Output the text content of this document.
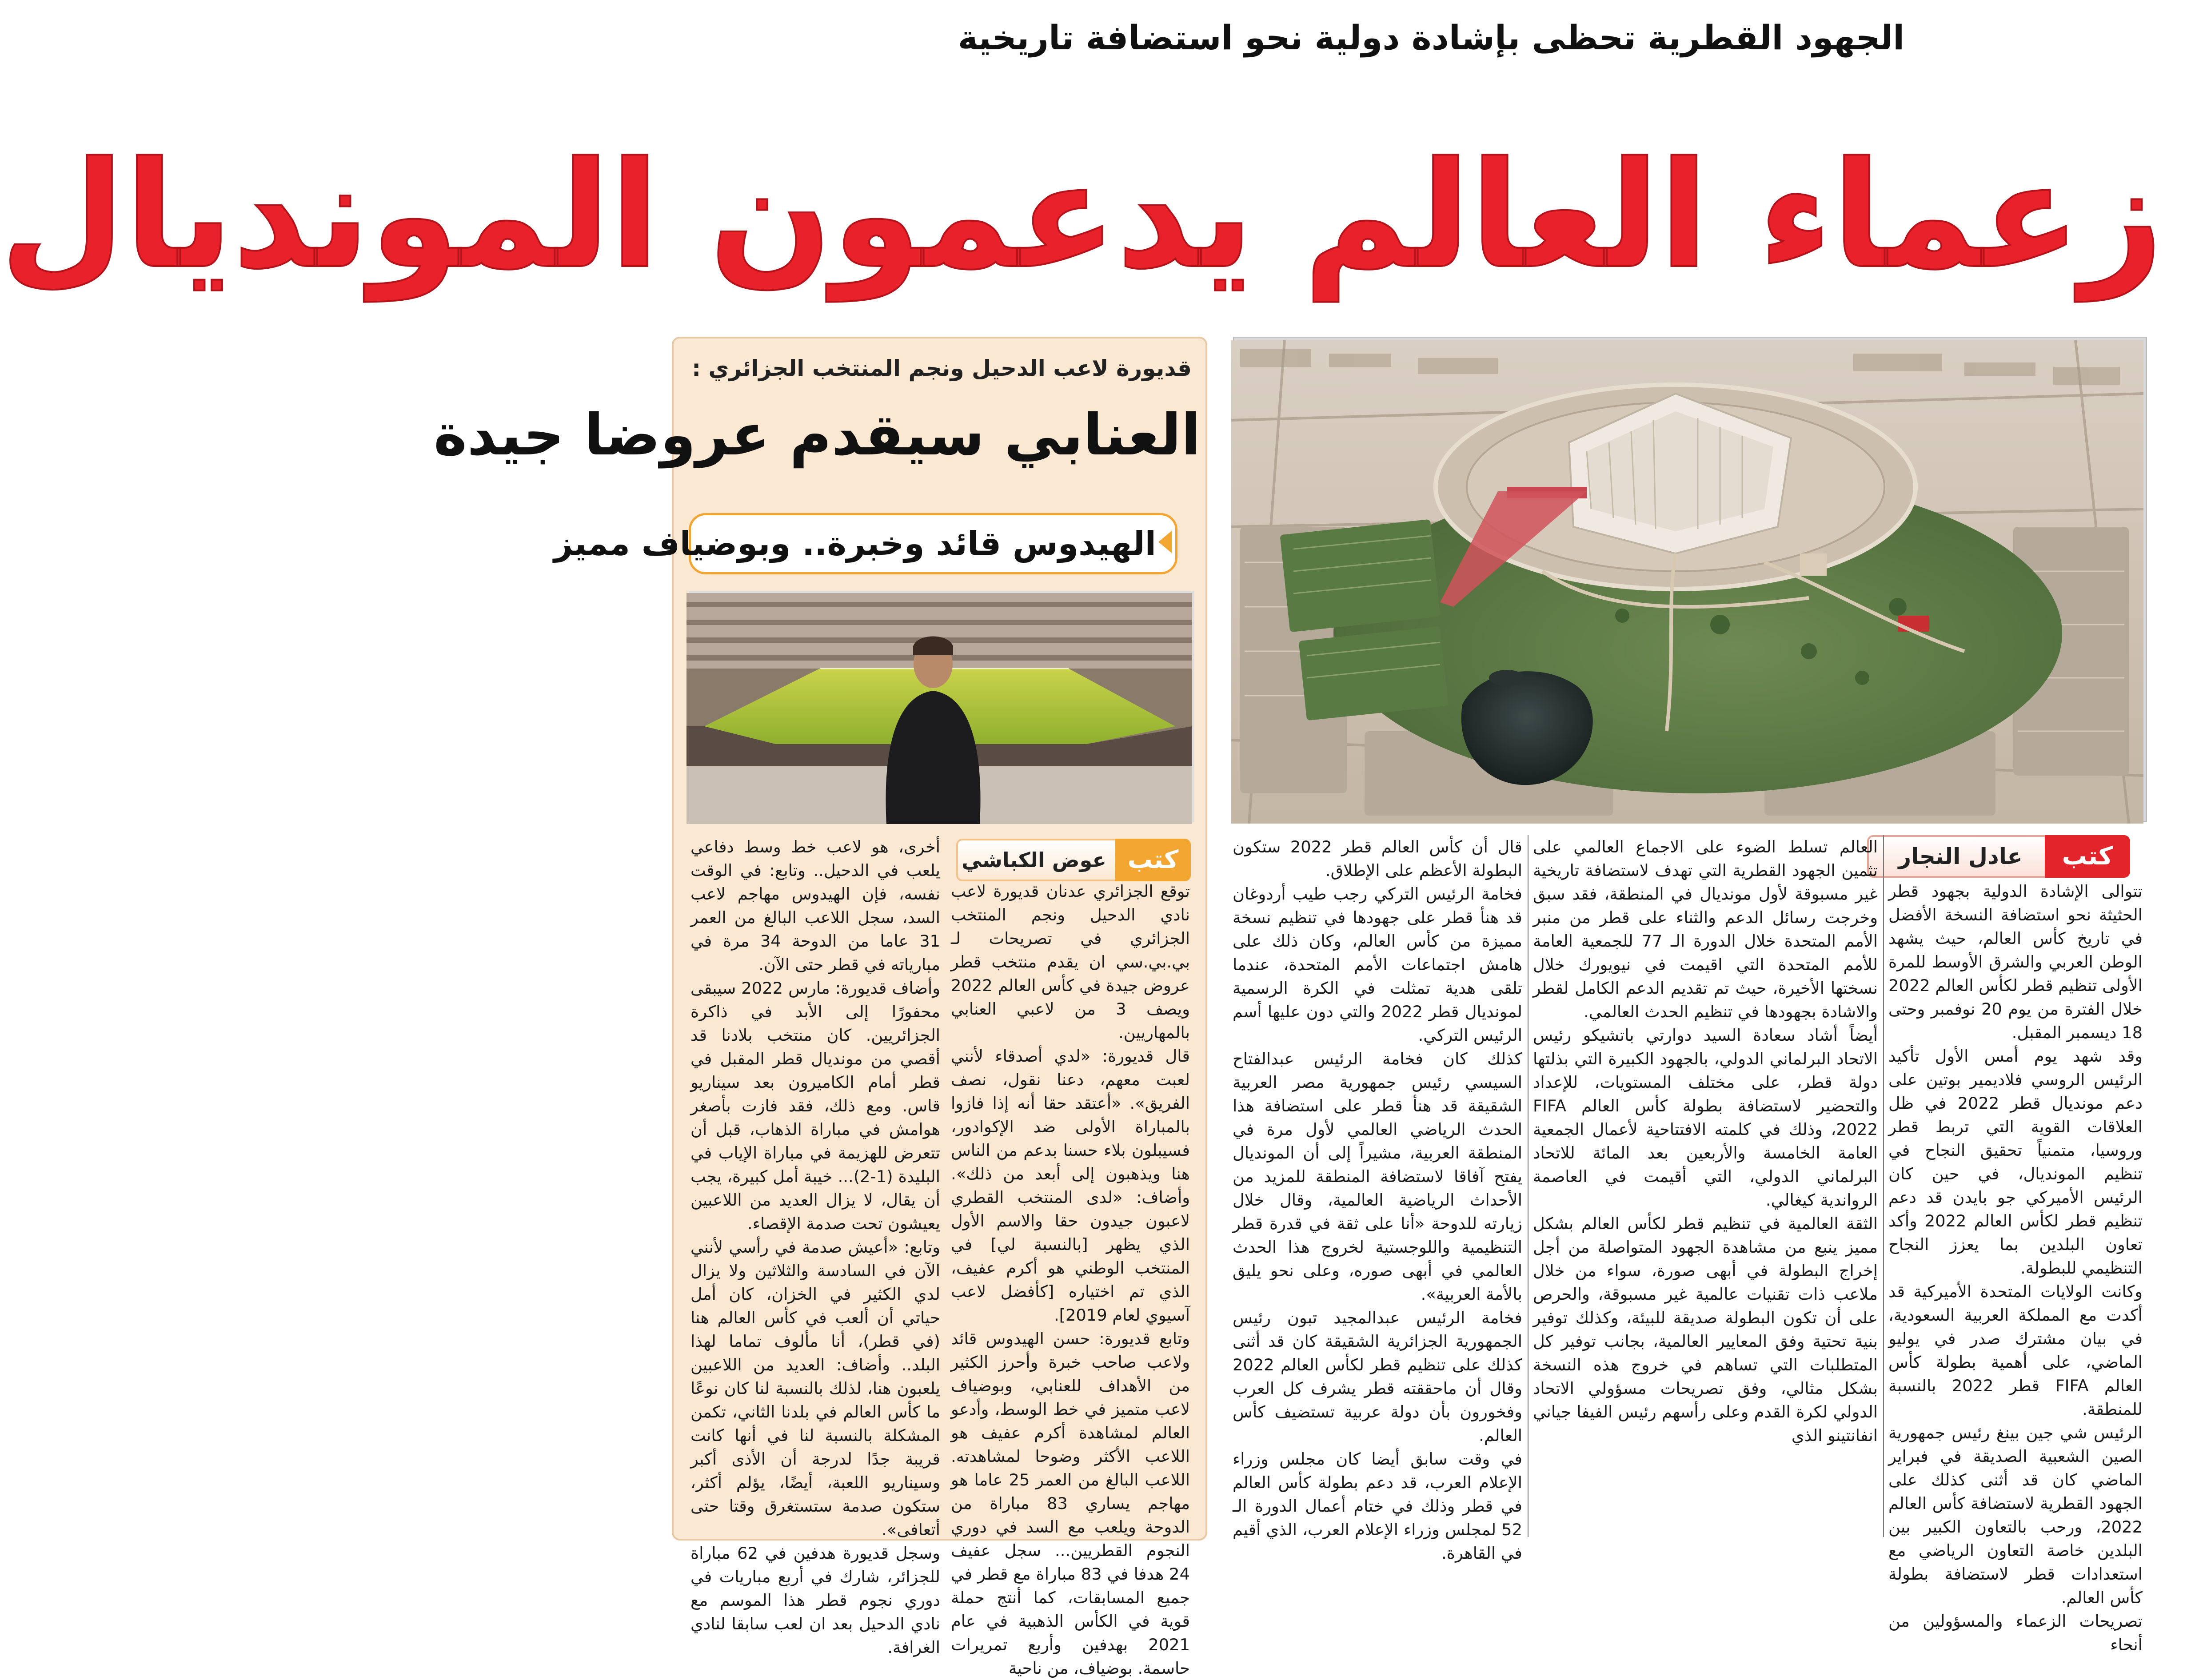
الجهود القطرية تحظى بإشادة دولية نحو استضافة تاريخية
زعماء العالم يدعمون المونديال
قديورة لاعب الدحيل ونجم المنتخب الجزائري :
العنابي سيقدم عروضا جيدة
الهيدوس قائد وخبرة.. وبوضياف مميز
كتب
عادل النجار
كتب
عوض الكباشي

تتوالى الإشادة الدولية بجهود قطر الحثيثة نحو استضافة النسخة الأفضل في تاريخ كأس العالم، حيث يشهد الوطن العربي والشرق الأوسط للمرة الأولى تنظيم قطر لكأس العالم 2022 خلال الفترة من يوم 20 نوفمبر وحتى 18 ديسمبر المقبل.

وقد شهد يوم أمس الأول تأكيد الرئيس الروسي فلاديمير بوتين على دعم مونديال قطر 2022 في ظل العلاقات القوية التي تربط قطر وروسيا، متمنياً تحقيق النجاح في تنظيم المونديال، في حين كان الرئيس الأميركي جو بايدن قد دعم تنظيم قطر لكأس العالم 2022 وأكد تعاون البلدين بما يعزز النجاح التنظيمي للبطولة.

وكانت الولايات المتحدة الأميركية قد أكدت مع المملكة العربية السعودية، في بيان مشترك صدر في يوليو الماضي، على أهمية بطولة كأس العالم FIFA قطر 2022 بالنسبة للمنطقة.

الرئيس شي جين بينغ رئيس جمهورية الصين الشعبية الصديقة في فبراير الماضي كان قد أثنى كذلك على الجهود القطرية لاستضافة كأس العالم 2022، ورحب بالتعاون الكبير بين البلدين خاصة التعاون الرياضي مع استعدادات قطر لاستضافة بطولة كأس العالم.

تصريحات الزعماء والمسؤولين من أنحاء

العالم تسلط الضوء على الاجماع العالمي على تثمين الجهود القطرية التي تهدف لاستضافة تاريخية غير مسبوقة لأول مونديال في المنطقة، فقد سبق وخرجت رسائل الدعم والثناء على قطر من منبر الأمم المتحدة خلال الدورة الـ 77 للجمعية العامة للأمم المتحدة التي اقيمت في نيويورك خلال نسختها الأخيرة، حيث تم تقديم الدعم الكامل لقطر والاشادة بجهودها في تنظيم الحدث العالمي.

أيضاً أشاد سعادة السيد دوارتي باتشيكو رئيس الاتحاد البرلماني الدولي، بالجهود الكبيرة التي بذلتها دولة قطر، على مختلف المستويات، للإعداد والتحضير لاستضافة بطولة كأس العالم FIFA 2022، وذلك في كلمته الافتتاحية لأعمال الجمعية العامة الخامسة والأربعين بعد المائة للاتحاد البرلماني الدولي، التي أقيمت في العاصمة الرواندية كيغالي.

الثقة العالمية في تنظيم قطر لكأس العالم بشكل مميز ينبع من مشاهدة الجهود المتواصلة من أجل إخراج البطولة في أبهى صورة، سواء من خلال ملاعب ذات تقنيات عالمية غير مسبوقة، والحرص على أن تكون البطولة صديقة للبيئة، وكذلك توفير بنية تحتية وفق المعايير العالمية، بجانب توفير كل المتطلبات التي تساهم في خروج هذه النسخة بشكل مثالي، وفق تصريحات مسؤولي الاتحاد الدولي لكرة القدم وعلى رأسهم رئيس الفيفا جياني انفانتينو الذي

قال أن كأس العالم قطر 2022 ستكون البطولة الأعظم على الإطلاق.

فخامة الرئيس التركي رجب طيب أردوغان قد هنأ قطر على جهودها في تنظيم نسخة مميزة من كأس العالم، وكان ذلك على هامش اجتماعات الأمم المتحدة، عندما تلقى هدية تمثلت في الكرة الرسمية لمونديال قطر 2022 والتي دون عليها أسم الرئيس التركي.

كذلك كان فخامة الرئيس عبدالفتاح السيسي رئيس جمهورية مصر العربية الشقيقة قد هنأ قطر على استضافة هذا الحدث الرياضي العالمي لأول مرة في المنطقة العربية، مشيراً إلى أن المونديال يفتح آفاقا لاستضافة المنطقة للمزيد من الأحداث الرياضية العالمية، وقال خلال زيارته للدوحة «أنا على ثقة في قدرة قطر التنظيمية واللوجستية لخروج هذا الحدث العالمي في أبهى صوره، وعلى نحو يليق بالأمة العربية».

فخامة الرئيس عبدالمجيد تبون رئيس الجمهورية الجزائرية الشقيقة كان قد أثنى كذلك على تنظيم قطر لكأس العالم 2022 وقال أن ماحققته قطر يشرف كل العرب وفخورون بأن دولة عربية تستضيف كأس العالم.

في وقت سابق أيضا كان مجلس وزراء الإعلام العرب، قد دعم بطولة كأس العالم في قطر وذلك في ختام أعمال الدورة الـ 52 لمجلس وزراء الإعلام العرب، الذي أقيم في القاهرة.

توقع الجزائري عدنان قديورة لاعب نادي الدحيل ونجم المنتخب الجزائري في تصريحات لـ بي.بي.سي ان يقدم منتخب قطر عروض جيدة في كأس العالم 2022 ويصف 3 من لاعبي العنابي بالمهاريين.

قال قديورة: «لدي أصدقاء لأنني لعبت معهم، دعنا نقول، نصف الفريق». «أعتقد حقا أنه إذا فازوا بالمباراة الأولى ضد الإكوادور، فسيبلون بلاء حسنا بدعم من الناس هنا ويذهبون إلى أبعد من ذلك». وأضاف: «لدى المنتخب القطري لاعبون جيدون حقا والاسم الأول الذي يظهر [بالنسبة لي] في المنتخب الوطني هو أكرم عفيف، الذي تم اختياره [كأفضل لاعب آسيوي لعام 2019].

وتابع قديورة: حسن الهيدوس قائد ولاعب صاحب خبرة وأحرز الكثير من الأهداف للعنابي، وبوضياف لاعب متميز في خط الوسط، وأدعو العالم لمشاهدة أكرم عفيف هو اللاعب الأكثر وضوحا لمشاهدته. اللاعب البالغ من العمر 25 عاما هو مهاجم يساري 83 مباراة من الدوحة ويلعب مع السد في دوري النجوم القطريين... سجل عفيف 24 هدفا في 83 مباراة مع قطر في جميع المسابقات، كما أنتج حملة قوية في الكأس الذهبية في عام 2021 بهدفين وأربع تمريرات حاسمة. بوضياف، من ناحية

أخرى، هو لاعب خط وسط دفاعي يلعب في الدحيل.. وتابع: في الوقت نفسه، فإن الهيدوس مهاجم لاعب السد، سجل اللاعب البالغ من العمر 31 عاما من الدوحة 34 مرة في مبارياته في قطر حتى الآن.

وأضاف قديورة: مارس 2022 سيبقى محفورًا إلى الأبد في ذاكرة الجزائريين. كان منتخب بلادنا قد أقصي من مونديال قطر المقبل في قطر أمام الكاميرون بعد سيناريو قاس. ومع ذلك، فقد فازت بأصغر هوامش في مباراة الذهاب، قبل أن تتعرض للهزيمة في مباراة الإياب في البليدة (1-2)... خيبة أمل كبيرة، يجب أن يقال، لا يزال العديد من اللاعبين يعيشون تحت صدمة الإقصاء.

وتابع: «أعيش صدمة في رأسي لأنني الآن في السادسة والثلاثين ولا يزال لدي الكثير في الخزان، كان أمل حياتي أن ألعب في كأس العالم هنا (في قطر)، أنا مألوف تماما لهذا البلد.. وأضاف: العديد من اللاعبين يلعبون هنا، لذلك بالنسبة لنا كان نوعًا ما كأس العالم في بلدنا الثاني، تكمن المشكلة بالنسبة لنا في أنها كانت قريبة جدًا لدرجة أن الأذى أكبر وسيناريو اللعبة، أيضًا، يؤلم أكثر، ستكون صدمة ستستغرق وقتا حتى أتعافى».

وسجل قديورة هدفين في 62 مباراة للجزائر، شارك في أربع مباريات في دوري نجوم قطر هذا الموسم مع نادي الدحيل بعد ان لعب سابقا لنادي الغرافة.
